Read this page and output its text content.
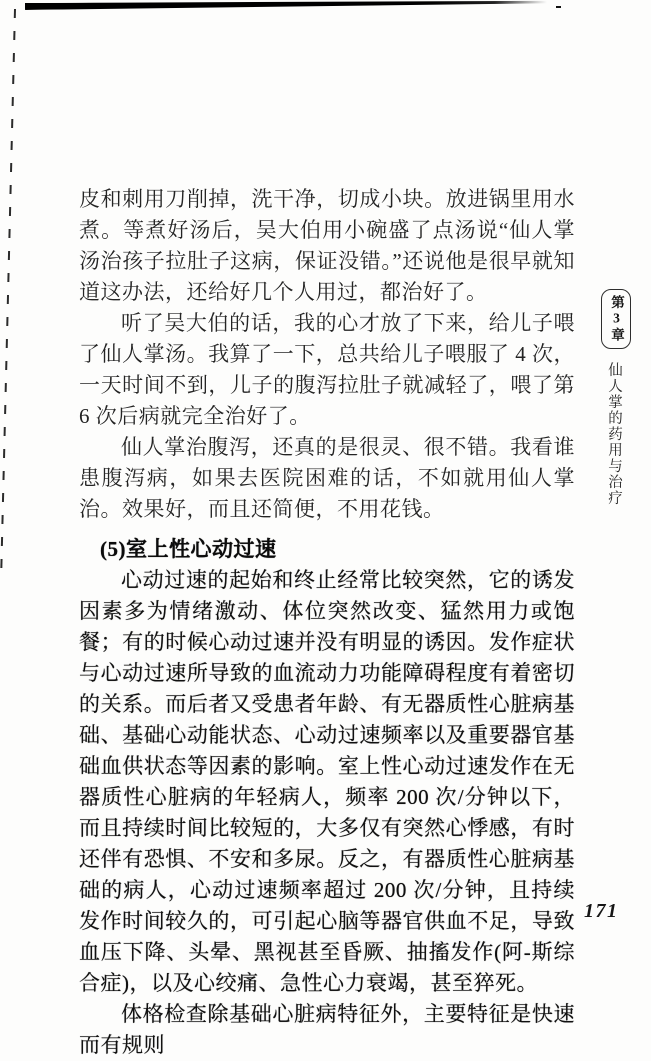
皮和刺用刀削掉，洗干净，切成小块。放进锅里用水煮。等煮好汤后，吴大伯用小碗盛了点汤说“仙人掌汤治孩子拉肚子这病，保证没错。”还说他是很早就知道这办法，还给好几个人用过，都治好了。

听了吴大伯的话，我的心才放了下来，给儿子喂了仙人掌汤。我算了一下，总共给儿子喂服了 4 次，一天时间不到，儿子的腹泻拉肚子就减轻了，喂了第 6 次后病就完全治好了。

仙人掌治腹泻，还真的是很灵、很不错。我看谁患腹泻病，如果去医院困难的话，不如就用仙人掌治。效果好，而且还简便，不用花钱。

(5)室上性心动过速

心动过速的起始和终止经常比较突然，它的诱发因素多为情绪激动、体位突然改变、猛然用力或饱餐；有的时候心动过速并没有明显的诱因。发作症状与心动过速所导致的血流动力功能障碍程度有着密切的关系。而后者又受患者年龄、有无器质性心脏病基础、基础心动能状态、心动过速频率以及重要器官基础血供状态等因素的影响。室上性心动过速发作在无器质性心脏病的年轻病人，频率 200 次/分钟以下，而且持续时间比较短的，大多仅有突然心悸感，有时还伴有恐惧、不安和多尿。反之，有器质性心脏病基础的病人，心动过速频率超过 200 次/分钟，且持续发作时间较久的，可引起心脑等器官供血不足，导致血压下降、头晕、黑视甚至昏厥、抽搐发作(阿-斯综合症)，以及心绞痛、急性心力衰竭，甚至猝死。

体格检查除基础心脏病特征外，主要特征是快速而有规则

第3章
仙人掌的药用与治疗
171
